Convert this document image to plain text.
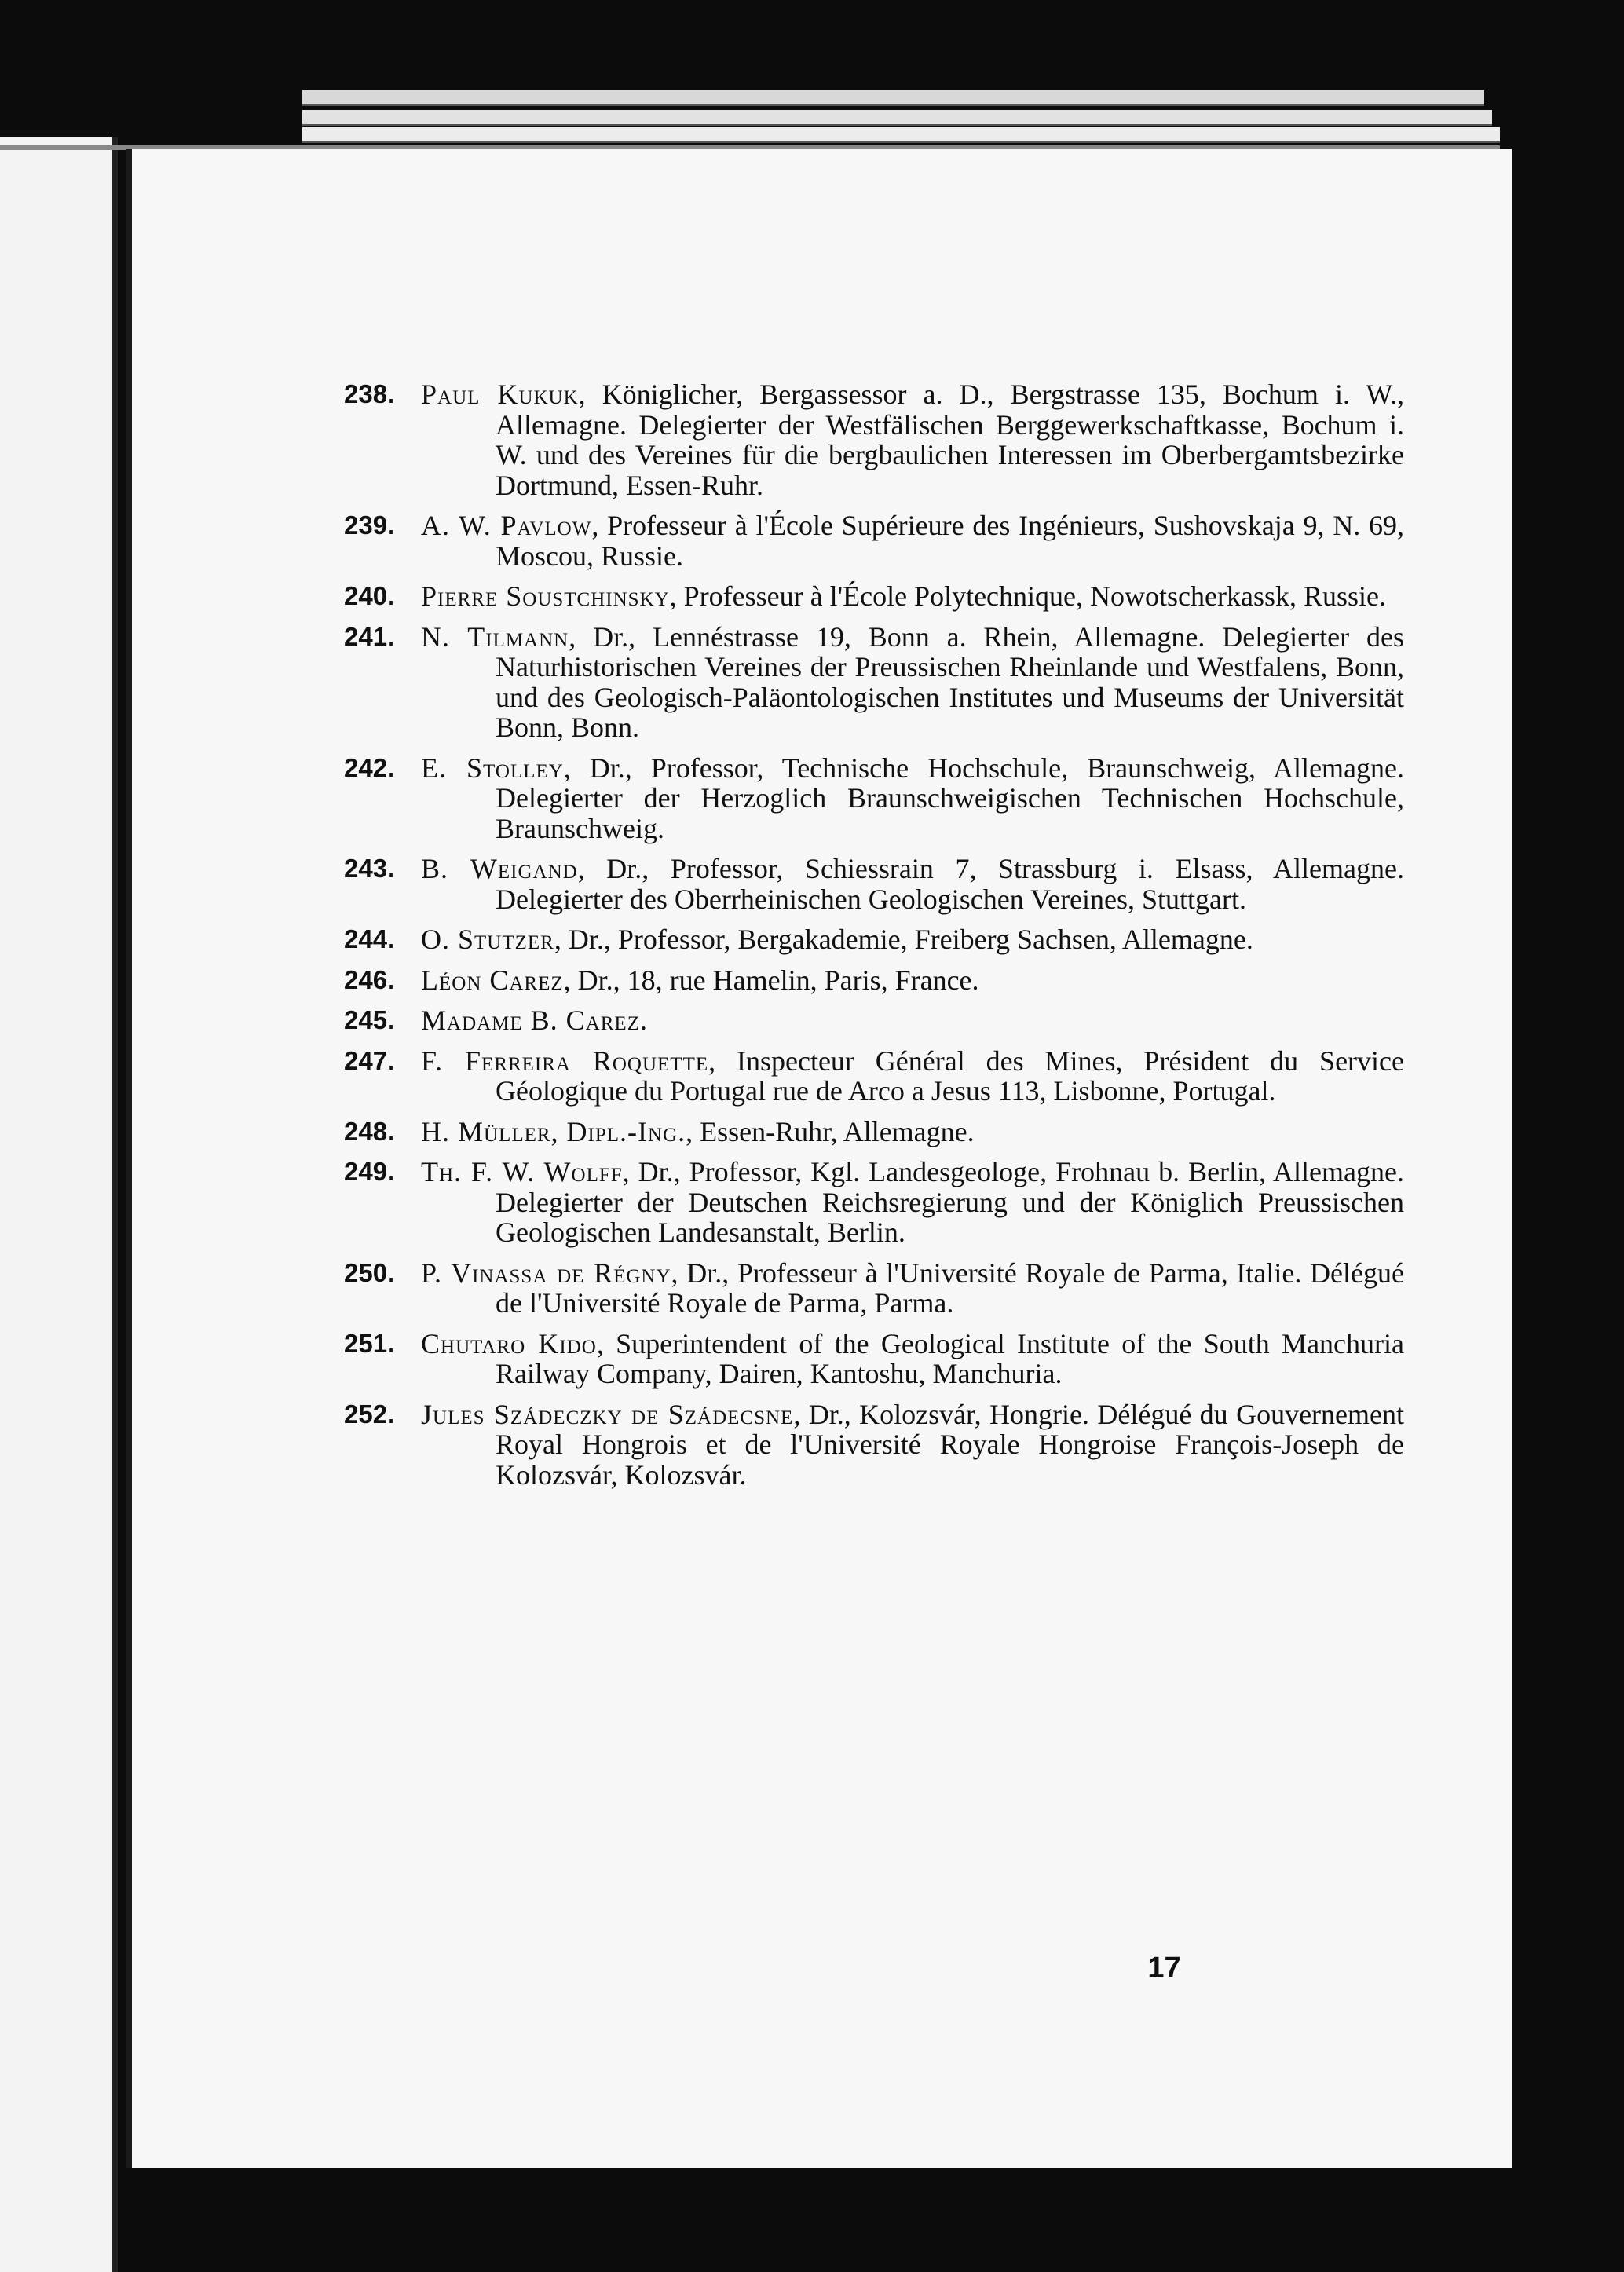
238. Paul Kukuk, Königlicher, Bergassessor a. D., Bergstrasse 135, Bochum i. W., Allemagne. Delegierter der Westfälischen Berggewerkschaftkasse, Bochum i. W. und des Vereines für die bergbaulichen Interessen im Oberbergamtsbezirke Dortmund, Essen-Ruhr.
239. A. W. Pavlow, Professeur à l'École Supérieure des Ingénieurs, Sushovskaja 9, N. 69, Moscou, Russie.
240. Pierre Soustchinsky, Professeur à l'École Polytechnique, Nowotscherkassk, Russie.
241. N. Tilmann, Dr., Lennéstrasse 19, Bonn a. Rhein, Allemagne. Delegierter des Naturhistorischen Vereines der Preussischen Rheinlande und Westfalens, Bonn, und des Geologisch-Paläontologischen Institutes und Museums der Universität Bonn, Bonn.
242. E. Stolley, Dr., Professor, Technische Hochschule, Braunschweig, Allemagne. Delegierter der Herzoglich Braunschweigischen Technischen Hochschule, Braunschweig.
243. B. Weigand, Dr., Professor, Schiessrain 7, Strassburg i. Elsass, Allemagne. Delegierter des Oberrheinischen Geologischen Vereines, Stuttgart.
244. O. Stutzer, Dr., Professor, Bergakademie, Freiberg Sachsen, Allemagne.
246. Léon Carez, Dr., 18, rue Hamelin, Paris, France.
245. Madame B. Carez.
247. F. Ferreira Roquette, Inspecteur Général des Mines, Président du Service Géologique du Portugal rue de Arco a Jesus 113, Lisbonne, Portugal.
248. H. Müller, Dipl.-Ing., Essen-Ruhr, Allemagne.
249. Th. F. W. Wolff, Dr., Professor, Kgl. Landesgeologe, Frohnau b. Berlin, Allemagne. Delegierter der Deutschen Reichsregierung und der Königlich Preussischen Geologischen Landesanstalt, Berlin.
250. P. Vinassa de Régny, Dr., Professeur à l'Université Royale de Parma, Italie. Délégué de l'Université Royale de Parma, Parma.
251. Chutaro Kido, Superintendent of the Geological Institute of the South Manchuria Railway Company, Dairen, Kantoshu, Manchuria.
252. Jules Szádeczky de Szádecsne, Dr., Kolozsvár, Hongrie. Délégué du Gouvernement Royal Hongrois et de l'Université Royale Hongroise François-Joseph de Kolozsvár, Kolozsvár.
17
